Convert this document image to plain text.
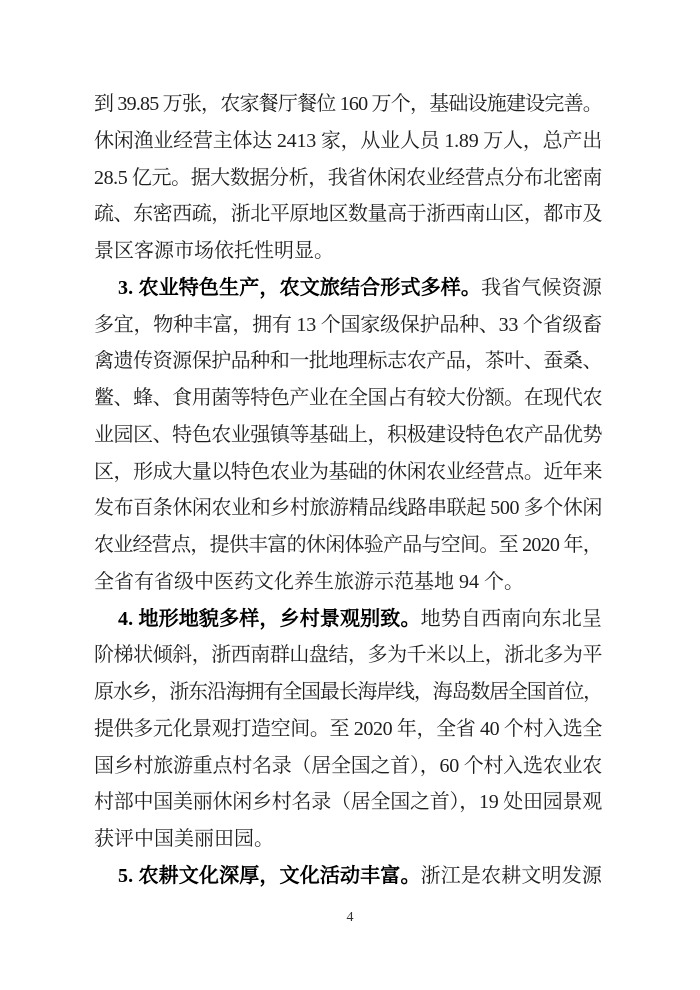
到 39.85 万张，农家餐厅餐位 160 万个，基础设施建设完善。
休闲渔业经营主体达 2413 家，从业人员 1.89 万人，总产出
28.5 亿元。据大数据分析，我省休闲农业经营点分布北密南
疏、东密西疏，浙北平原地区数量高于浙西南山区，都市及
景区客源市场依托性明显。
3. 农业特色生产，农文旅结合形式多样。我省气候资源
多宜，物种丰富，拥有 13 个国家级保护品种、33 个省级畜
禽遗传资源保护品种和一批地理标志农产品，茶叶、蚕桑、
鳖、蜂、食用菌等特色产业在全国占有较大份额。在现代农
业园区、特色农业强镇等基础上，积极建设特色农产品优势
区，形成大量以特色农业为基础的休闲农业经营点。近年来
发布百条休闲农业和乡村旅游精品线路串联起 500 多个休闲
农业经营点，提供丰富的休闲体验产品与空间。至 2020 年，
全省有省级中医药文化养生旅游示范基地 94 个。
4. 地形地貌多样，乡村景观别致。地势自西南向东北呈
阶梯状倾斜，浙西南群山盘结，多为千米以上，浙北多为平
原水乡，浙东沿海拥有全国最长海岸线，海岛数居全国首位，
提供多元化景观打造空间。至 2020 年，全省 40 个村入选全
国乡村旅游重点村名录（居全国之首），60 个村入选农业农
村部中国美丽休闲乡村名录（居全国之首），19 处田园景观
获评中国美丽田园。
5. 农耕文化深厚，文化活动丰富。浙江是农耕文明发源
4
